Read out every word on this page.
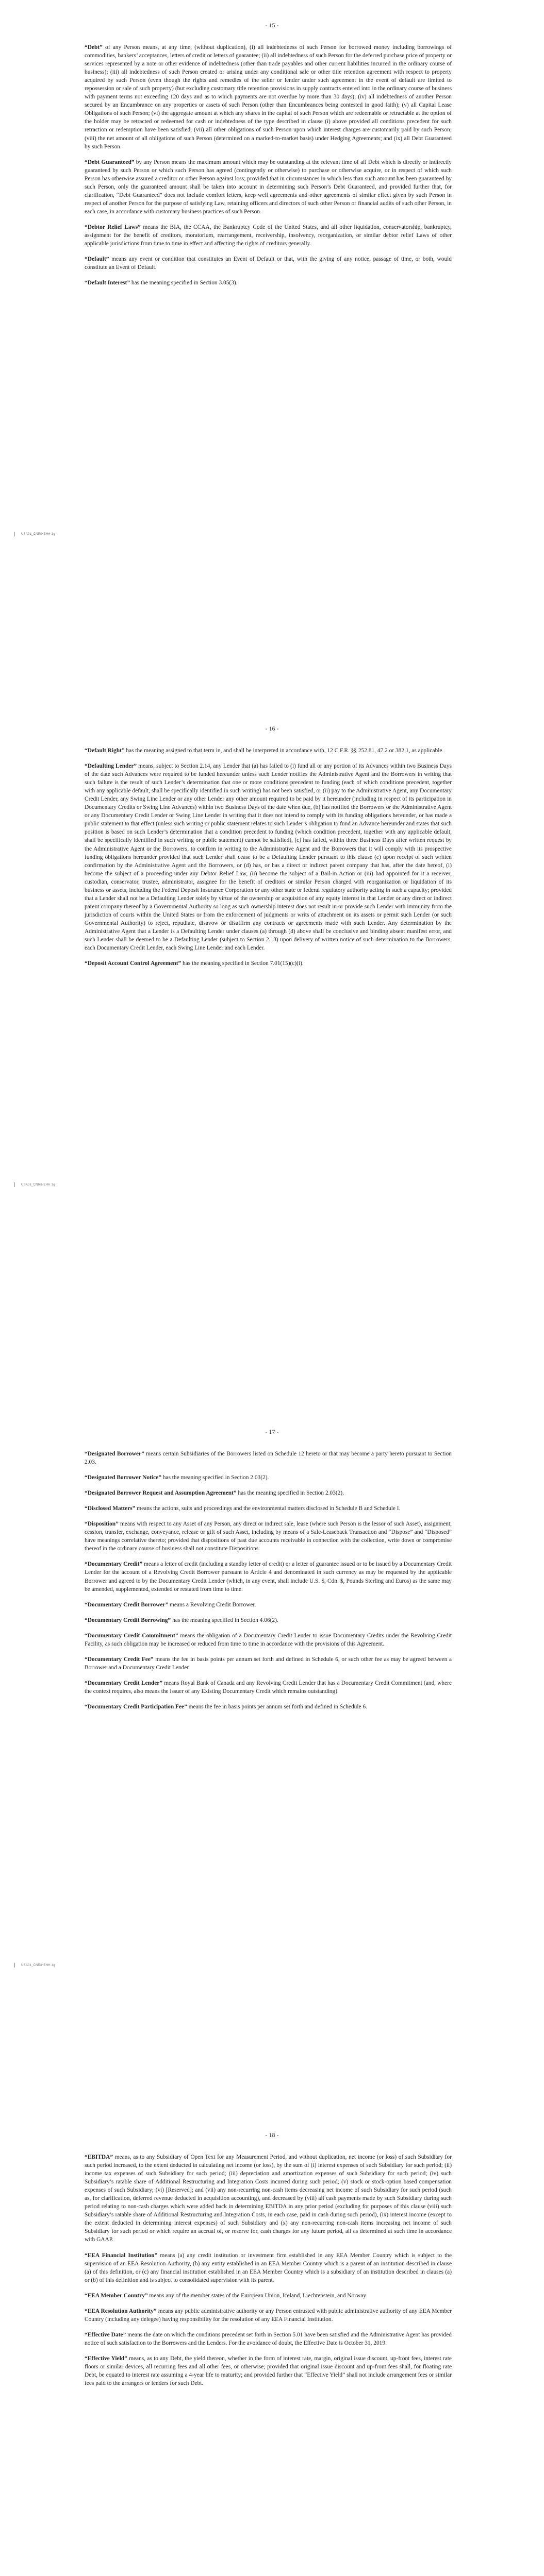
- 15 -

“Debt” of any Person means, at any time, (without duplication), (i) all indebtedness of such Person for borrowed money including borrowings of commodities, bankers’ acceptances, letters of credit or letters of guarantee; (ii) all indebtedness of such Person for the deferred purchase price of property or services represented by a note or other evidence of indebtedness (other than trade payables and other current liabilities incurred in the ordinary course of business); (iii) all indebtedness of such Person created or arising under any conditional sale or other title retention agreement with respect to property acquired by such Person (even though the rights and remedies of the seller or lender under such agreement in the event of default are limited to repossession or sale of such property) (but excluding customary title retention provisions in supply contracts entered into in the ordinary course of business with payment terms not exceeding 120 days and as to which payments are not overdue by more than 30 days); (iv) all indebtedness of another Person secured by an Encumbrance on any properties or assets of such Person (other than Encumbrances being contested in good faith); (v) all Capital Lease Obligations of such Person; (vi) the aggregate amount at which any shares in the capital of such Person which are redeemable or retractable at the option of the holder may be retracted or redeemed for cash or indebtedness of the type described in clause (i) above provided all conditions precedent for such retraction or redemption have been satisfied; (vii) all other obligations of such Person upon which interest charges are customarily paid by such Person; (viii) the net amount of all obligations of such Person (determined on a marked-to-market basis) under Hedging Agreements; and (ix) all Debt Guaranteed by such Person.

“Debt Guaranteed” by any Person means the maximum amount which may be outstanding at the relevant time of all Debt which is directly or indirectly guaranteed by such Person or which such Person has agreed (contingently or otherwise) to purchase or otherwise acquire, or in respect of which such Person has otherwise assured a creditor or other Person against loss; provided that in circumstances in which less than such amount has been guaranteed by such Person, only the guaranteed amount shall be taken into account in determining such Person’s Debt Guaranteed, and provided further that, for clarification, “Debt Guaranteed” does not include comfort letters, keep well agreements and other agreements of similar effect given by such Person in respect of another Person for the purpose of satisfying Law, retaining officers and directors of such other Person or financial audits of such other Person, in each case, in accordance with customary business practices of such Person.

“Debtor Relief Laws” means the BIA, the CCAA, the Bankruptcy Code of the United States, and all other liquidation, conservatorship, bankruptcy, assignment for the benefit of creditors, moratorium, rearrangement, receivership, insolvency, reorganization, or similar debtor relief Laws of other applicable jurisdictions from time to time in effect and affecting the rights of creditors generally.

“Default” means any event or condition that constitutes an Event of Default or that, with the giving of any notice, passage of time, or both, would constitute an Event of Default.

“Default Interest” has the meaning specified in Section 3.05(3).

USA01_CNRIHEHH 1g
- 16 -

“Default Right” has the meaning assigned to that term in, and shall be interpreted in accordance with, 12 C.F.R. §§ 252.81, 47.2 or 382.1, as applicable.

“Defaulting Lender” means, subject to Section 2.14, any Lender that (a) has failed to (i) fund all or any portion of its Advances within two Business Days of the date such Advances were required to be funded hereunder unless such Lender notifies the Administrative Agent and the Borrowers in writing that such failure is the result of such Lender’s determination that one or more conditions precedent to funding (each of which conditions precedent, together with any applicable default, shall be specifically identified in such writing) has not been satisfied, or (ii) pay to the Administrative Agent, any Documentary Credit Lender, any Swing Line Lender or any other Lender any other amount required to be paid by it hereunder (including in respect of its participation in Documentary Credits or Swing Line Advances) within two Business Days of the date when due, (b) has notified the Borrowers or the Administrative Agent or any Documentary Credit Lender or Swing Line Lender in writing that it does not intend to comply with its funding obligations hereunder, or has made a public statement to that effect (unless such writing or public statement relates to such Lender’s obligation to fund an Advance hereunder and states that such position is based on such Lender’s determination that a condition precedent to funding (which condition precedent, together with any applicable default, shall be specifically identified in such writing or public statement) cannot be satisfied), (c) has failed, within three Business Days after written request by the Administrative Agent or the Borrowers, to confirm in writing to the Administrative Agent and the Borrowers that it will comply with its prospective funding obligations hereunder provided that such Lender shall cease to be a Defaulting Lender pursuant to this clause (c) upon receipt of such written confirmation by the Administrative Agent and the Borrowers, or (d) has, or has a direct or indirect parent company that has, after the date hereof, (i) become the subject of a proceeding under any Debtor Relief Law, (ii) become the subject of a Bail-in Action or (iii) had appointed for it a receiver, custodian, conservator, trustee, administrator, assignee for the benefit of creditors or similar Person charged with reorganization or liquidation of its business or assets, including the Federal Deposit Insurance Corporation or any other state or federal regulatory authority acting in such a capacity; provided that a Lender shall not be a Defaulting Lender solely by virtue of the ownership or acquisition of any equity interest in that Lender or any direct or indirect parent company thereof by a Governmental Authority so long as such ownership interest does not result in or provide such Lender with immunity from the jurisdiction of courts within the United States or from the enforcement of judgments or writs of attachment on its assets or permit such Lender (or such Governmental Authority) to reject, repudiate, disavow or disaffirm any contracts or agreements made with such Lender. Any determination by the Administrative Agent that a Lender is a Defaulting Lender under clauses (a) through (d) above shall be conclusive and binding absent manifest error, and such Lender shall be deemed to be a Defaulting Lender (subject to Section 2.13) upon delivery of written notice of such determination to the Borrowers, each Documentary Credit Lender, each Swing Line Lender and each Lender.

“Deposit Account Control Agreement” has the meaning specified in Section 7.01(15)(c)(i).

USA01_CNRIHEHH 1g
- 17 -

“Designated Borrower” means certain Subsidiaries of the Borrowers listed on Schedule 12 hereto or that may become a party hereto pursuant to Section 2.03.

“Designated Borrower Notice” has the meaning specified in Section 2.03(2).

“Designated Borrower Request and Assumption Agreement” has the meaning specified in Section 2.03(2).

“Disclosed Matters” means the actions, suits and proceedings and the environmental matters disclosed in Schedule B and Schedule I.

“Disposition” means with respect to any Asset of any Person, any direct or indirect sale, lease (where such Person is the lessor of such Asset), assignment, cession, transfer, exchange, conveyance, release or gift of such Asset, including by means of a Sale-Leaseback Transaction and “Dispose” and “Disposed” have meanings correlative thereto; provided that dispositions of past due accounts receivable in connection with the collection, write down or compromise thereof in the ordinary course of business shall not constitute Dispositions.

“Documentary Credit” means a letter of credit (including a standby letter of credit) or a letter of guarantee issued or to be issued by a Documentary Credit Lender for the account of a Revolving Credit Borrower pursuant to Article 4 and denominated in such currency as may be requested by the applicable Borrower and agreed to by the Documentary Credit Lender (which, in any event, shall include U.S. $, Cdn. $, Pounds Sterling and Euros) as the same may be amended, supplemented, extended or restated from time to time.

“Documentary Credit Borrower” means a Revolving Credit Borrower.

“Documentary Credit Borrowing” has the meaning specified in Section 4.06(2).

“Documentary Credit Commitment” means the obligation of a Documentary Credit Lender to issue Documentary Credits under the Revolving Credit Facility, as such obligation may be increased or reduced from time to time in accordance with the provisions of this Agreement.

“Documentary Credit Fee” means the fee in basis points per annum set forth and defined in Schedule 6, or such other fee as may be agreed between a Borrower and a Documentary Credit Lender.

“Documentary Credit Lender” means Royal Bank of Canada and any Revolving Credit Lender that has a Documentary Credit Commitment (and, where the context requires, also means the issuer of any Existing Documentary Credit which remains outstanding).

“Documentary Credit Participation Fee” means the fee in basis points per annum set forth and defined in Schedule 6.

USA01_CNRIHEHH 1g
- 18 -

“EBITDA” means, as to any Subsidiary of Open Text for any Measurement Period, and without duplication, net income (or loss) of such Subsidiary for such period increased, to the extent deducted in calculating net income (or loss), by the sum of (i) interest expenses of such Subsidiary for such period; (ii) income tax expenses of such Subsidiary for such period; (iii) depreciation and amortization expenses of such Subsidiary for such period; (iv) such Subsidiary’s ratable share of Additional Restructuring and Integration Costs incurred during such period; (v) stock or stock-option based compensation expenses of such Subsidiary; (vi) [Reserved]; and (vii) any non-recurring non-cash items decreasing net income of such Subsidiary for such period (such as, for clarification, deferred revenue deducted in acquisition accounting), and decreased by (viii) all cash payments made by such Subsidiary during such period relating to non-cash charges which were added back in determining EBITDA in any prior period (excluding for purposes of this clause (viii) such Subsidiary’s ratable share of Additional Restructuring and Integration Costs, in each case, paid in cash during such period), (ix) interest income (except to the extent deducted in determining interest expenses) of such Subsidiary and (x) any non-recurring non-cash items increasing net income of such Subsidiary for such period or which require an accrual of, or reserve for, cash charges for any future period, all as determined at such time in accordance with GAAP.

“EEA Financial Institution” means (a) any credit institution or investment firm established in any EEA Member Country which is subject to the supervision of an EEA Resolution Authority, (b) any entity established in an EEA Member Country which is a parent of an institution described in clause (a) of this definition, or (c) any financial institution established in an EEA Member Country which is a subsidiary of an institution described in clauses (a) or (b) of this definition and is subject to consolidated supervision with its parent.

“EEA Member Country” means any of the member states of the European Union, Iceland, Liechtenstein, and Norway.

“EEA Resolution Authority” means any public administrative authority or any Person entrusted with public administrative authority of any EEA Member Country (including any delegee) having responsibility for the resolution of any EEA Financial Institution.

“Effective Date” means the date on which the conditions precedent set forth in Section 5.01 have been satisfied and the Administrative Agent has provided notice of such satisfaction to the Borrowers and the Lenders. For the avoidance of doubt, the Effective Date is October 31, 2019.

“Effective Yield” means, as to any Debt, the yield thereon, whether in the form of interest rate, margin, original issue discount, up-front fees, interest rate floors or similar devices, all recurring fees and all other fees, or otherwise; provided that original issue discount and up-front fees shall, for floating rate Debt, be equated to interest rate assuming a 4-year life to maturity; and provided further that “Effective Yield” shall not include arrangement fees or similar fees paid to the arrangers or lenders for such Debt.
